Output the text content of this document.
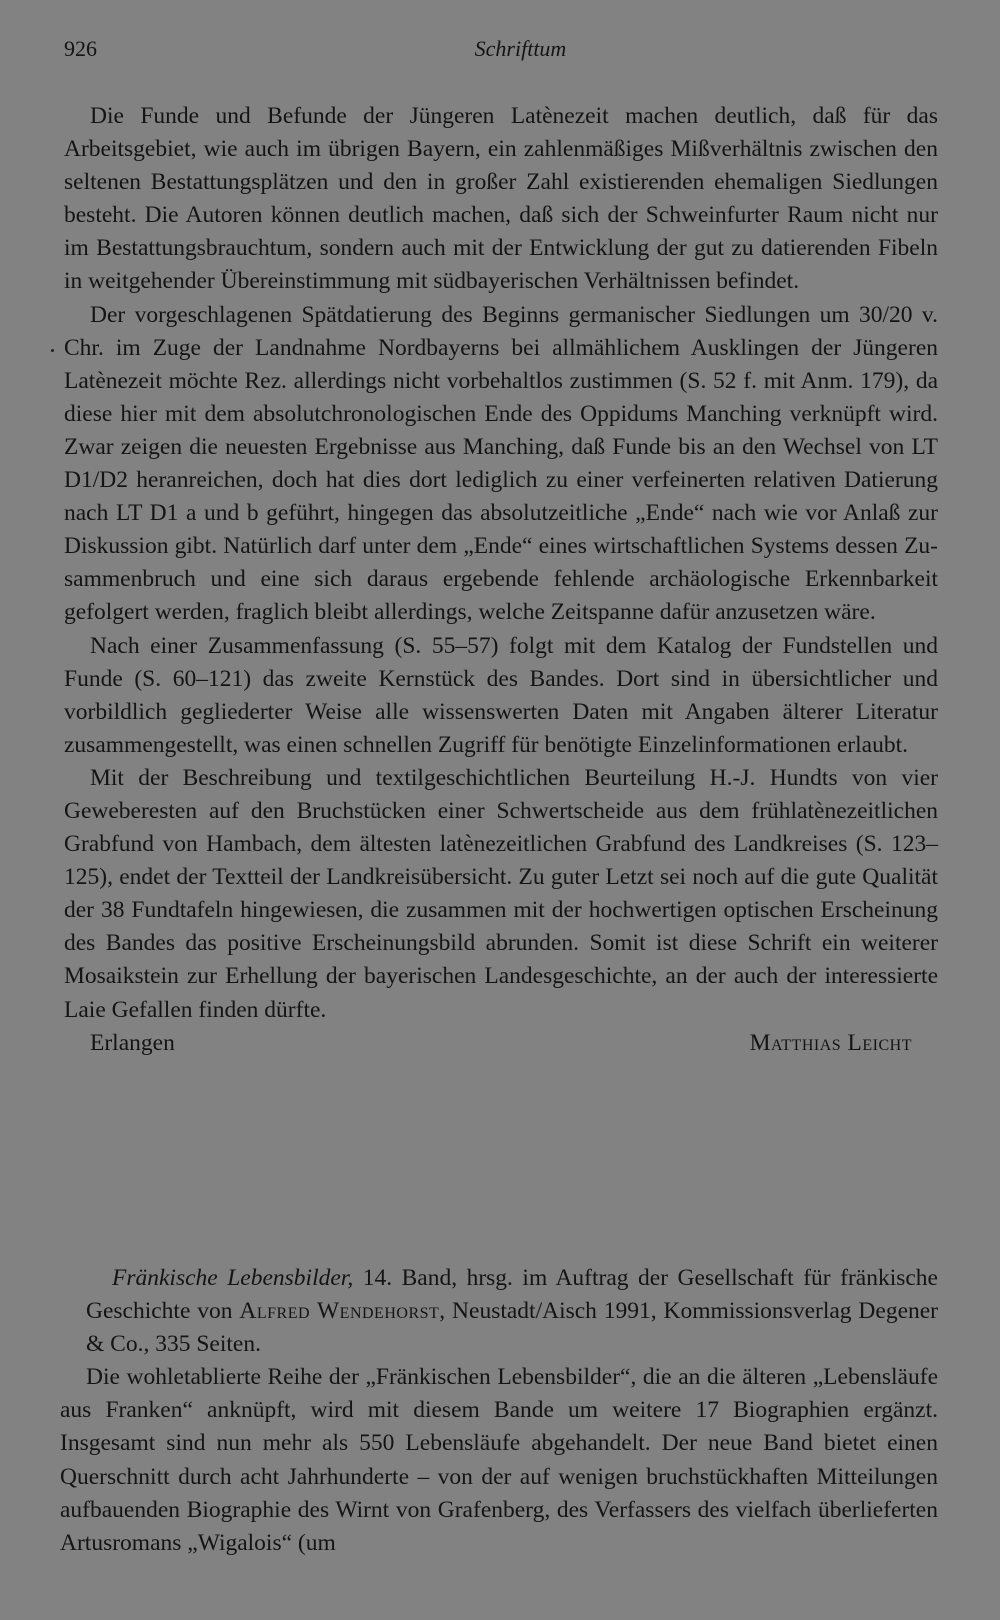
926	Schrifttum

Die Funde und Befunde der Jüngeren Latènezeit machen deutlich, daß für das Arbeitsgebiet, wie auch im übrigen Bayern, ein zahlenmäßiges Mißverhältnis zwischen den seltenen Bestattungsplätzen und den in großer Zahl existierenden ehemaligen Siedlungen besteht. Die Autoren können deutlich machen, daß sich der Schweinfurter Raum nicht nur im Bestattungsbrauchtum, sondern auch mit der Entwicklung der gut zu datierenden Fibeln in weitgehender Übereinstimmung mit südbayerischen Verhältnissen befindet.

Der vorgeschlagenen Spätdatierung des Beginns germanischer Siedlungen um 30/20 v. Chr. im Zuge der Landnahme Nordbayerns bei allmählichem Ausklingen der Jüngeren Latènezeit möchte Rez. allerdings nicht vorbehaltlos zustimmen (S. 52 f. mit Anm. 179), da diese hier mit dem absolutchronologischen Ende des Oppidums Manching verknüpft wird. Zwar zeigen die neuesten Ergebnisse aus Manching, daß Funde bis an den Wechsel von LT D1/D2 heranreichen, doch hat dies dort lediglich zu einer verfeinerten relativen Datierung nach LT D1 a und b geführt, hingegen das absolutzeitliche „Ende“ nach wie vor Anlaß zur Diskussion gibt. Natürlich darf unter dem „Ende“ eines wirtschaftlichen Systems dessen Zusammenbruch und eine sich daraus ergebende fehlende archäologische Erkennbarkeit gefolgert werden, fraglich bleibt allerdings, welche Zeitspanne dafür anzusetzen wäre.

Nach einer Zusammenfassung (S. 55–57) folgt mit dem Katalog der Fundstellen und Funde (S. 60–121) das zweite Kernstück des Bandes. Dort sind in übersichtlicher und vorbildlich gegliederter Weise alle wissenswerten Daten mit Angaben älterer Literatur zusammengestellt, was einen schnellen Zugriff für benötigte Einzelinformationen erlaubt.

Mit der Beschreibung und textilgeschichtlichen Beurteilung H.-J. Hundts von vier Geweberesten auf den Bruchstücken einer Schwertscheide aus dem frühlatènezeitlichen Grabfund von Hambach, dem ältesten latènezeitlichen Grabfund des Landkreises (S. 123–125), endet der Textteil der Landkreisübersicht. Zu guter Letzt sei noch auf die gute Qualität der 38 Fundtafeln hingewiesen, die zusammen mit der hochwertigen optischen Erscheinung des Bandes das positive Erscheinungsbild abrunden. Somit ist diese Schrift ein weiterer Mosaikstein zur Erhellung der bayerischen Landesgeschichte, an der auch der interessierte Laie Gefallen finden dürfte.

Erlangen	Matthias Leicht

Fränkische Lebensbilder, 14. Band, hrsg. im Auftrag der Gesellschaft für fränkische Geschichte von Alfred Wendehorst, Neustadt/Aisch 1991, Kommissionsverlag Degener & Co., 335 Seiten.

Die wohletablierte Reihe der „Fränkischen Lebensbilder“, die an die älteren „Lebensläufe aus Franken“ anknüpft, wird mit diesem Bande um weitere 17 Biographien ergänzt. Insgesamt sind nun mehr als 550 Lebensläufe abgehandelt. Der neue Band bietet einen Querschnitt durch acht Jahrhunderte – von der auf wenigen bruchstückhaften Mitteilungen aufbauenden Biographie des Wirnt von Grafenberg, des Verfassers des vielfach überlieferten Artusromans „Wigalois“ (um
